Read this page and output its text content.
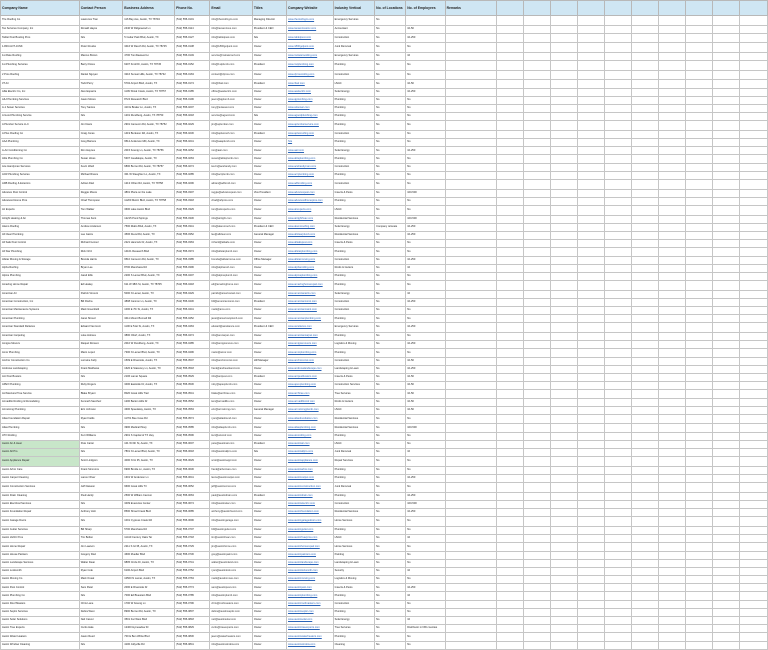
Company Name	Contact Person	Business Address	Phone No.	Email	Titles	Company Website	Industry Vertical	No. of Locations	No. of Employees	Remarks										
The Roofing Co	Lawrence Tran	116 Bay Ave, Austin, TX 78704	(512) 555-0101	info@theroofingco.com	Managing Director	www.theroofingco.com	Emergency Services	No												
Tax Services Company, Inc	Ronald Hayes	2440 W Ridgewood Ln	(512) 555-0114	info@taxservices.com	President & CEO	www.taxservicesinc.com	Accountant	No	10-50											
Tablet Pest Busting Pros	N/a	5 Cedar Park Blvd, Austin, TX	(512) 555-0127	info@tabletpest.com	N/a	www.tabletpest.com	Construction	No	10-250											
1-800-GOT-JUNK	Peter Rourke	3416 W Ranch Rd, Austin, TX 78745	(512) 555-0138	info@1800gotjunk.com	Owner	www.1800gotjunk.com	Junk Removal	No	No											
1st Rate Roofing	Marcus Brown	4700 Tumbleweed Ln	(512) 555-0149	service@1strateroof.com	Owner	www.1straterooofing.com	Emergency Services	No	10											
1st Plumbing Services	Barry Flores	6207 Knoll Dr, Austin, TX 78745	(512) 555-0152	info@1stplumb.com	President	www.1stplumbing.com	Plumbing	No	No											
2 Pros Roofing	Daniel Nguyen	3216 Sunset Hills, Austin, TX 78732	(512) 555-0163	contact@2pros.com	Owner	www.2prosroofing.com	Construction	No	No											
3T Air	Todd Perry	5702 Airport Blvd, Austin, TX	(512) 555-0174	info@3tair.com	President	www.3tair.com	HVAC	No	10-50											
A&E Electric Co, Inc	Alex Esparza	1109 Shoal Creek, Austin, TX 78757	(512) 555-0185	office@aeelectric.com	Owner	www.aeelectric.com	Solar Energy	No	10-250											
A&J Plumbing Services	Jason Moore	8724 Research Blvd	(512) 555-0196	jason@ajplumb.com	Owner	www.ajplumbing.com	Plumbing	No	No											
A-1 Sewer Services	Tony Santos	410 E Braker Ln, Austin, TX	(512) 555-0207	tony@a1sewer.com	Owner	www.a1sewer.com	Plumbing	No	No											
A Good Plumbing Service	N/a	1201 Rundberg, Austin, TX 78753	(512) 555-0218	service@agood.com	N/a	www.agoodplumbing.com	Plumbing	No	No											
A Plumber Service LLC	Jim Davis	2901 Cameron Rd, Austin, TX 78752	(512) 555-0229	jim@aplumber.com	Owner	www.aplumberservice.com	Plumbing	No	No											
A Plus Roofing Co	Craig Jones	1419 Burleson Rd, Austin, TX	(512) 555-0230	info@aplusroof.com	President	www.aplusroofing.com	Construction	No	No											
AAA Plumbing	Greg Barrera	9512 Anderson Mill, Austin, TX	(512) 555-0241	info@aaaplumb.com	Owner	N/a	Plumbing	No	No											
A-Air Conditioning Co	Ron Haynes	2015 Koenig Ln, Austin, TX 78756	(512) 555-0252	ron@aair.com	Owner	www.aair.com	Solar Energy	No	10-250											
Able Plumbing Co	Susan Hines	5307 Guadalupe, Austin, TX	(512) 555-0263	susan@ableplumb.com	Owner	www.ableplumbing.com	Plumbing	No	No											
Ace Handyman Services	Kevin Ward	6800 Burnet Rd, Austin, TX 78757	(512) 555-0274	kevin@acehandy.com	Owner	www.acehandyman.com	Construction	No	No											
ACR Plumbing Services	Michael Rivera	301 W Slaughter Ln, Austin, TX	(512) 555-0285	info@acrplumb.com	Owner	www.acrplumbing.com	Plumbing	No	No											
ADB Roofing & Exteriors	Adrian Diaz	1213 Ohlen Rd, Austin, TX 78758	(512) 555-0296	adrian@adbroof.com	Owner	www.adbroofing.com	Construction	No	No											
Advance Pest Control	Reggie Moore	4801 Plaza on the Lake	(512) 555-0307	reggie@advancepest.com	Vice President	www.advancepest.com	Insects & Pests	No	100-500											
Advanced Home Pros	Chad Thompson	11200 Metric Blvd, Austin, TX 78758	(512) 555-0318	chad@ahpros.com	Owner	www.advancedhomepros.com	Plumbing	No	No											
Air Experts	Tom Walker	3600 Lake Austin Blvd	(512) 555-0329	tom@airexperts.com	Owner	www.airexperts.com	HVAC	No	No											
Airtight Heating & Air	Thomas Kent	12215 Pond Springs	(512) 555-0330	info@airtight.com	Owner	www.airtighthvac.com	Residential Services	No	100-500											
Alamo Roofing	Andrew Anderson	7500 Rialto Blvd, Austin, TX	(512) 555-0341	info@alamoroof.com	President & CEO	www.alamoroofing.com	Solar Energy	Company relocate	10-250											
All Clear Plumbing	Lee Garza	4506 Duval Rd, Austin, TX	(512) 555-0352	lee@allclear.com	General Manager	www.allclearplumb.com	Residential Services	No	10-250											
All Safe Pest Control	Richard Gomez	2221 Hancock Dr, Austin, TX	(512) 555-0363	richard@allsafe.com	Owner	www.allsafepest.com	Insects & Pests	No	No											
All Star Plumbing	Rick Ortiz	14101 Research Blvd	(512) 555-0374	info@allstarplumb.com	Owner	www.allstarplumbing.com	Plumbing	No	No											
Allstar Moving & Storage	Brenda Harris	9510 Cameron Rd, Austin, TX	(512) 555-0385	brenda@allstarmove.com	Office Manager	www.allstarmoving.com	Construction	No	10-250											
Alpha Roofing	Bryan Lee	8700 Manchaca Rd	(512) 555-0396	info@alpharoof.com	Owner	www.alpharoofing.com	Roofs & Gutters	No	10											
Alpine Plumbing	Jared Ellis	2200 S Lamar Blvd, Austin, TX	(512) 555-0407	info@alpineplumb.com	Owner	www.alpineplumbing.com	Plumbing	No	No											
Amazing Home Repair	Ed Healey	611 W 38th St, Austin, TX 78705	(512) 555-0418	ed@amazinghome.com	Owner	www.amazinghomerepair.com	Plumbing	No	No											
American Air	Patrick Vincent	5000 N Lamar, Austin, TX	(512) 555-0429	patrick@americanair.com	Owner	www.americanairtx.com	Solar Energy	No	10											
American Construction, Inc	Bill Rocha	4808 Cannon Ln, Austin, TX	(512) 555-0430	bill@americanconst.com	President	www.americanconst.com	Construction	No	10-250											
American Maintenance Systems	Mark Greenfield	1000 E 7th St, Austin, TX	(512) 555-0441	mark@ams.com	Owner	www.americanmaint.com	Construction	No	No											
American Plumbing	Janet Stroud	3411 Mount Bonnell Rd	(512) 555-0452	janet@americanplumb.com	Owner	www.americanplumbing.com	Plumbing	No	No											
American Standard Reliance	Edward Van Horn	1100 E 51st St, Austin, TX	(512) 555-0463	edward@asreliance.com	President & CEO	www.asreliance.com	Emergency Services	No	10-250											
American Carpeting	Luke Holmes	3800 Oltorf, Austin, TX	(512) 555-0474	info@amcarpet.com	Owner	www.americancarpet.com	Plumbing	No	No											
Amigos Movers	Raquel Romero	2010 W Rundberg, Austin, TX	(512) 555-0485	info@amigosmove.com	Owner	www.amigosmovers.com	Logistics & Moving	No	10-250											
Amor Plumbing	Mario Lopez	7300 N Lamar Blvd, Austin, TX	(512) 555-0496	mario@amor.com	Owner	www.amorplumbing.com	Plumbing	No	No											
Anchor Construction Co	Lorraine Kelly	1509 E Riverside, Austin, TX	(512) 555-0507	info@anchorconst.com	HR Manager	www.anchorconst.com	Construction	No	10-50											
Andrews Landscaping	Frank Matthews	1620 E Stassney Ln, Austin, TX	(512) 555-0518	frank@andrewsland.com	Owner	www.andrewslandscape.com	Landscaping & Lawn	No	10-250											
Ant Pest Busters	N/a	2106 Lamar Square	(512) 555-0529	info@antpest.com	President	www.antpestbusters.com	Insects & Pests	No	10-50											
APEX Plumbing	Ruby Rogers	3400 Eastside Dr, Austin, TX	(512) 555-0530	ruby@apexplumb.com	Owner	www.apexplumbing.com	Construction Services	No	10-50											
Architectural Tree Service	Blake Bryant	8020 Great Hills Trail	(512) 555-0541	blake@archtree.com	Owner	www.archtree.com	Tree Services	No	10-50											
Armadillo Roofing & Remodeling	Kenneth Sanchez	1200 Barton Hills Dr	(512) 555-0552	ken@armadillo.com	Owner	www.armadilloroof.com	Roofs & Gutters	No	10-50											
Armstrong Plumbing	Eric Johnson	4300 Speedway, Austin, TX	(512) 555-0563	eric@armstrong.com	General Manager	www.armstrongplumb.com	HVAC	No	10-50											
Atlas Foundation Repair	Ryan Fields	11701 Bee Cave Rd	(512) 555-0574	ryan@atlasfound.com	Owner	www.atlasfoundation.com	Residential Services	No	No											
Atlas Plumbing	N/a	3900 Medical Pkwy	(512) 555-0585	info@atlasplumb.com	Owner	www.atlasplumbing.com	Residential Services	No	100-500											
ATX Roofing	Kurt Williams	2901 S Capital of TX Hwy	(512) 555-0596	kurt@atxroof.com	Owner	www.atxroofing.com	Plumbing	No	No											
Austin Air & Heat	Pete Carter	101 W 6th St, Austin, TX	(512) 555-0607	pete@austinair.com	President	www.austinair.com	HVAC	No	No											
Austin All Pro	N/a	7801 N Lamar Blvd, Austin, TX	(512) 555-0618	info@austinallpro.com	N/a	www.austinallpro.com	Junk Removal	No	10											
Austin Appliance Repair	Scott Lindgren	4000 N IH 35, Austin, TX	(512) 555-0629	scott@austinappl.com	Owner	www.austinappliance.com	Repair Services	No	No											
Austin Arbor Care	Frank Simmons	6900 Brodie Ln, Austin, TX	(512) 555-0630	frank@arborcare.com	Owner	www.austinarbor.com	Plumbing	No	No											
Austin Carpet Cleaning	Lance Oliver	1301 W Anderson Ln	(512) 555-0641	lance@austincarpet.com	Owner	www.austincarpet.com	Plumbing	No	10-250											
Austin Construction Services	Jeff Dawson	9600 Great Hills Trl	(512) 555-0652	jeff@austinconst.com	Owner	www.austinconstruction.com	Junk Removal	No	No											
Austin Drain Cleaning	Paul Hardy	2500 W William Cannon	(512) 555-0663	paul@austindrain.com	President	www.austindrain.com	Plumbing	No	10-250											
Austin Electrical Services	N/a	3409 Executive Center	(512) 555-0674	info@austinelec.com	Owner	www.austinelectric.com	Construction	No	100-500											
Austin Foundation Repair	Anthony Holt	8500 Shoal Creek Blvd	(512) 555-0685	anthony@austinfound.com	Owner	www.austinfoundation.com	Residential Services	No	10-250											
Austin Garage Doors	N/a	1001 Cypress Creek Rd	(512) 555-0696	info@austingarage.com	Owner	www.austingaragedoors.com	Home Services	No	No											
Austin Gutter Services	Bill Sharp	5700 Manchaca Rd	(512) 555-0707	bill@austingutter.com	Owner	www.austingutter.com	Plumbing	No	No											
Austin HVAC Pros	Tim Bolton	11410 Century Oaks Ter	(512) 555-0718	tim@austinhvac.com	Owner	www.austinhvacpros.com	HVAC	No	10											
Austin Home Repair	Jim Lawson	2211 S IH 35, Austin, TX	(512) 555-0729	jim@austinhome.com	Owner	www.austinhomerepair.com	Home Services	No	No											
Austin House Painters	Gregory Diaz	4600 Mueller Blvd	(512) 555-0730	greg@austinpaint.com	Owner	www.austinpainters.com	Painting	No	No											
Austin Landscape Services	Walter Dean	9805 Circle Dr, Austin, TX	(512) 555-0741	walter@austinland.com	Owner	www.austinlandscape.com	Landscaping & Lawn	No	No											
Austin Locksmith	Ryan Cole	6100 Airport Blvd	(512) 555-0752	ryan@austinlock.com	Owner	www.austinlocksmith.com	Security	No	10											
Austin Moving Co	Mark Oneal	10500 N Lamar, Austin, TX	(512) 555-0763	mark@austinmove.com	Owner	www.austinmoving.com	Logistics & Moving	No	No											
Austin Pest Control	Sam Patel	2000 E Riverside Dr	(512) 555-0774	sam@austinpest.com	Owner	www.austinpest.com	Insects & Pests	No	10-250											
Austin Plumbing Co	N/a	7000 Ed Bluestein Blvd	(512) 555-0785	info@austinplumb.com	Owner	www.austinplumbing.com	Plumbing	No	10											
Austin Roof Masters	Chris Lane	1700 W Koenig Ln	(512) 555-0796	chris@roofmasters.com	Owner	www.austinroofmasters.com	Construction	No	No											
Austin Septic Services	Debra West	8900 Burnet Rd, Austin, TX	(512) 555-0807	debra@austinseptic.com	Owner	www.austinseptic.com	Plumbing	No	No											
Austin Solar Solutions	Neil Carver	3501 Far West Blvd	(512) 555-0818	neil@austinsolar.com	Owner	www.austinsolar.com	Solar Energy	No	10											
Austin Tree Experts	Curtis Hale	12400 Hymeadow Dr	(512) 555-0829	curtis@treeexperts.com	Owner	www.austintreeexperts.com	Tree Services	No	Distributor in NW counties											
Austin Water Heaters	Jason Reed	700 E Ben White Blvd	(512) 555-0830	jason@waterheaters.com	Owner	www.austinwaterheaters.com	Plumbing	No	No											
Austin Window Cleaning	N/a	4100 Jollyville Rd	(512) 555-0841	info@austinwindow.com	Owner	www.austinwindow.com	Cleaning	No	No											
